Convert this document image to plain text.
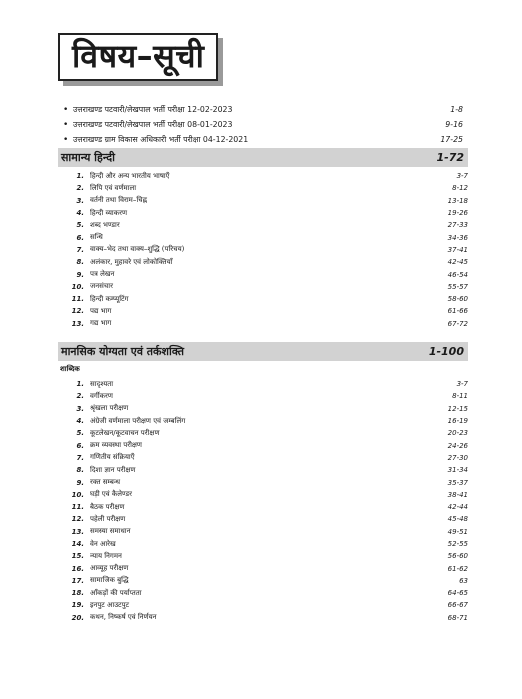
विषय–सूची
• उत्तराखण्ड पटवारी/लेखपाल भर्ती परीक्षा 12-02-2023	1-8
• उत्तराखण्ड पटवारी/लेखपाल भर्ती परीक्षा 08-01-2023	9-16
• उत्तराखण्ड ग्राम विकास अधिकारी भर्ती परीक्षा 04-12-2021	17-25
सामान्य हिन्दी	1-72
1. हिन्दी और अन्य भारतीय भाषाएँ	3-7
2. लिपि एवं वर्णमाला	8-12
3. वर्तनी तथा विराम–चिह्न	13-18
4. हिन्दी व्याकरण	19-26
5. शब्द भण्डार	27-33
6. सन्धि	34-36
7. वाक्य–भेद तथा वाक्य–शुद्धि (परिचय)	37-41
8. अलंकार, मुहावरे एवं लोकोक्तियाँ	42-45
9. पत्र लेखन	46-54
10. जनसंचार	55-57
11. हिन्दी कम्प्यूटिंग	58-60
12. पद्य भाग	61-66
13. गद्य भाग	67-72
मानसिक योग्यता एवं तर्कशक्ति	1-100
शाब्दिक
1. सादृश्यता	3-7
2. वर्गीकरण	8-11
3. श्रृंखला परीक्षण	12-15
4. अंग्रेजी वर्णमाला परीक्षण एवं जम्बलिंग	16-19
5. कूटलेखन/कूटवाचन परीक्षण	20-23
6. क्रम व्यवस्था परीक्षण	24-26
7. गणितीय संक्रियाएँ	27-30
8. दिशा ज्ञान परीक्षण	31-34
9. रक्त सम्बन्ध	35-37
10. घड़ी एवं कैलेण्डर	38-41
11. बैठक परीक्षण	42-44
12. पहेली परीक्षण	45-48
13. समस्या समाधान	49-51
14. वेन आरेख	52-55
15. न्याय निगमन	56-60
16. आव्यूह परीक्षण	61-62
17. सामाजिक बुद्धि	63
18. आँकड़ों की पर्याप्तता	64-65
19. इनपुट आउटपुट	66-67
20. कथन, निष्कर्ष एवं निर्णयन	68-71
